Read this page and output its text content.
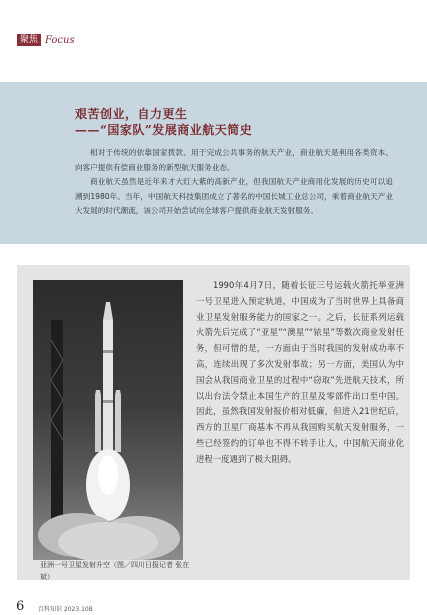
聚焦 Focus
艰苦创业，自力更生
——“国家队”发展商业航天简史

相对于传统的依靠国家拨款、用于完成公共事务的航天产业，商业航天是利用各类资本、向客户提供有偿商业服务的新型航天服务业态。

商业航天虽然是近年来才大红大紫的高新产业，但我国航天产业商用化发展的历史可以追溯到1980年。当年，中国航天科技集团成立了著名的中国长城工业总公司，乘着商业航天产业大发展的时代潮流，该公司开始尝试向全球客户提供商业航天发射服务。

亚洲一号卫星发射升空（图／四川日报记者 张在斌）

1990年4月7日，随着长征三号运载火箭托举亚洲一号卫星进入预定轨道，中国成为了当时世界上具备商业卫星发射服务能力的国家之一。之后，长征系列运载火箭先后完成了“亚星”“澳星”“铱星”等数次商业发射任务，但可惜的是，一方面由于当时我国的发射成功率不高，连续出现了多次发射事故；另一方面，美国认为中国会从我国商业卫星的过程中“窃取”先进航天技术，所以出台法令禁止本国生产的卫星及零部件出口至中国。因此，虽然我国发射报价相对低廉，但进入21世纪后，西方的卫星厂商基本不再从我国购买航天发射服务，一些已经签约的订单也不得不转手让人，中国航天商业化进程一度遇到了极大阻碍。

6 百科知识 2023.10B
